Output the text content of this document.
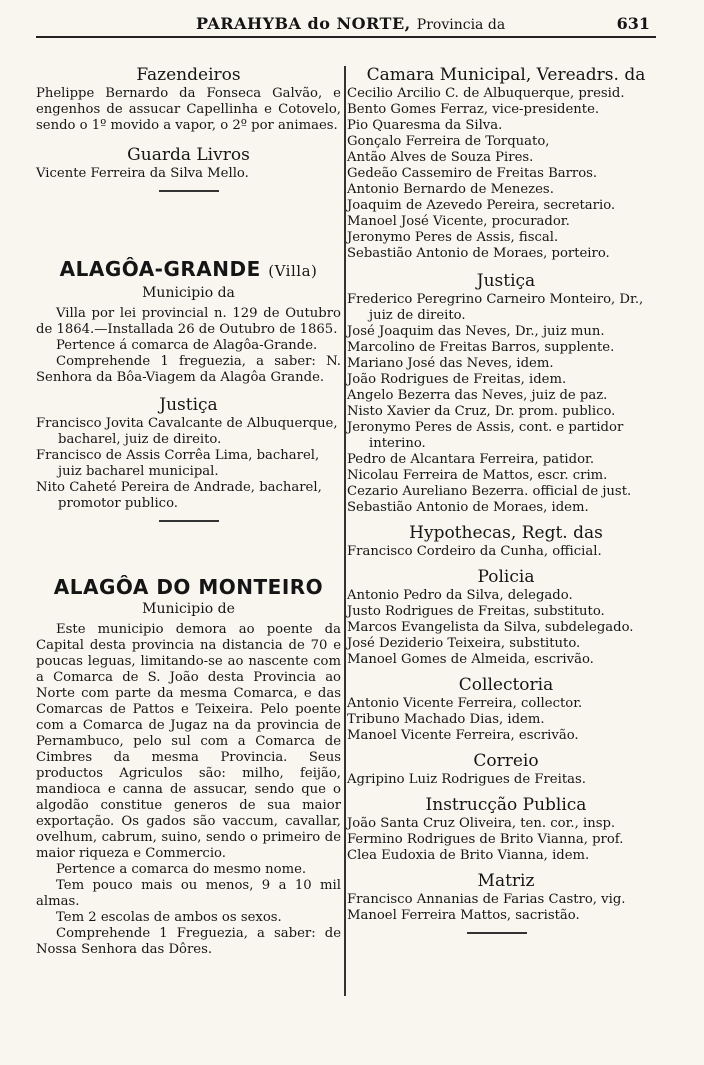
PARAHYBA do NORTE, Provincia da	631
Fazendeiros
Phelippe Bernardo da Fonseca Galvão, e engenhos de assucar Capellinha e Cotovelo, sendo o 1º movido a vapor, o 2º por animaes.
Guarda Livros
Vicente Ferreira da Silva Mello.
ALAGÔA-GRANDE (Villa)
Municipio da
Villa por lei provincial n. 129 de Outubro de 1864.—Installada 26 de Outubro de 1865.
Pertence á comarca de Alagôa-Grande.
Comprehende 1 freguezia, a saber: N. Senhora da Bôa-Viagem da Alagôa Grande.
Justiça
Francisco Jovita Cavalcante de Albuquerque, bacharel, juiz de direito.
Francisco de Assis Corrêa Lima, bacharel, juiz bacharel municipal.
Nito Caheté Pereira de Andrade, bacharel, promotor publico.
ALAGÔA DO MONTEIRO
Municipio de
Este municipio demora ao poente da Capital desta provincia na distancia de 70 e poucas leguas, limitando-se ao nascente com a Comarca de S. João desta Provincia ao Norte com parte da mesma Comarca, e das Comarcas de Pattos e Teixeira. Pelo poente com a Comarca de Jugaz na da provincia de Pernambuco, pelo sul com a Comarca de Cimbres da mesma Provincia. Seus productos Agriculos são: milho, feijão, mandioca e canna de assucar, sendo que o algodão constitue generos de sua maior exportação. Os gados são vaccum, cavallar, ovelhum, cabrum, suino, sendo o primeiro de maior riqueza e Commercio.
Pertence a comarca do mesmo nome.
Tem pouco mais ou menos, 9 a 10 mil almas.
Tem 2 escolas de ambos os sexos.
Comprehende 1 Freguezia, a saber: de Nossa Senhora das Dôres.
Camara Municipal, Vereadrs. da
Cecilio Arcilio C. de Albuquerque, presid.
Bento Gomes Ferraz, vice-presidente.
Pio Quaresma da Silva.
Gonçalo Ferreira de Torquato,
Antão Alves de Souza Pires.
Gedeão Cassemiro de Freitas Barros.
Antonio Bernardo de Menezes.
Joaquim de Azevedo Pereira, secretario.
Manoel José Vicente, procurador.
Jeronymo Peres de Assis, fiscal.
Sebastião Antonio de Moraes, porteiro.
Justiça
Frederico Peregrino Carneiro Monteiro, Dr., juiz de direito.
José Joaquim das Neves, Dr., juiz mun.
Marcolino de Freitas Barros, supplente.
Mariano José das Neves, idem.
João Rodrigues de Freitas, idem.
Angelo Bezerra das Neves, juiz de paz.
Nisto Xavier da Cruz, Dr. prom. publico.
Jeronymo Peres de Assis, cont. e partidor interino.
Pedro de Alcantara Ferreira, patidor.
Nicolau Ferreira de Mattos, escr. crim.
Cezario Aureliano Bezerra. official de just.
Sebastião Antonio de Moraes, idem.
Hypothecas, Regt. das
Francisco Cordeiro da Cunha, official.
Policia
Antonio Pedro da Silva, delegado.
Justo Rodrigues de Freitas, substituto.
Marcos Evangelista da Silva, subdelegado.
José Deziderio Teixeira, substituto.
Manoel Gomes de Almeida, escrivão.
Collectoria
Antonio Vicente Ferreira, collector.
Tribuno Machado Dias, idem.
Manoel Vicente Ferreira, escrivão.
Correio
Agripino Luiz Rodrigues de Freitas.
Instrucção Publica
João Santa Cruz Oliveira, ten. cor., insp.
Fermino Rodrigues de Brito Vianna, prof.
Clea Eudoxia de Brito Vianna, idem.
Matriz
Francisco Annanias de Farias Castro, vig.
Manoel Ferreira Mattos, sacristão.
